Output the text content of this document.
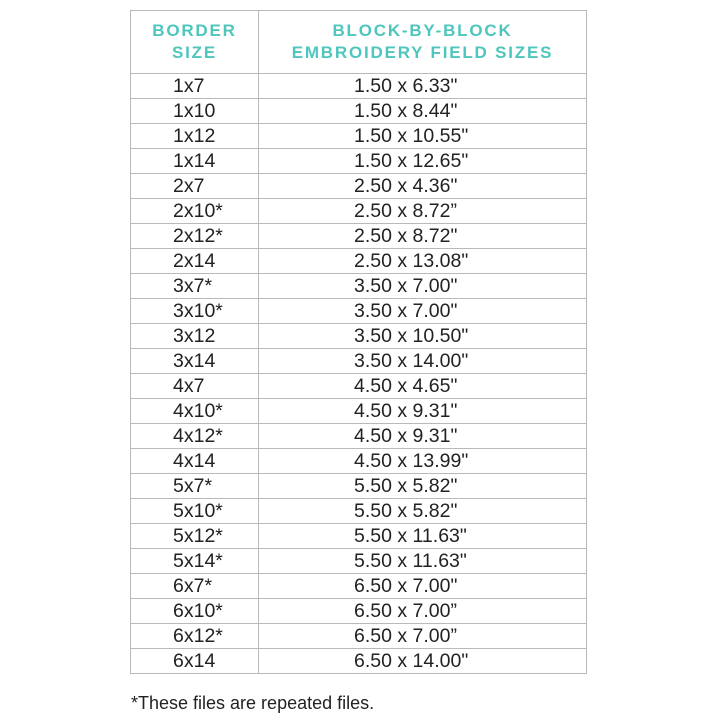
BORDER
SIZE	BLOCK-BY-BLOCK
EMBROIDERY FIELD SIZES

1x7	1.50 x 6.33"
1x10	1.50 x 8.44"
1x12	1.50 x 10.55"
1x14	1.50 x 12.65"
2x7	2.50 x 4.36"
2x10*	2.50 x 8.72”
2x12*	2.50 x 8.72"
2x14	2.50 x 13.08"
3x7*	3.50 x 7.00"
3x10*	3.50 x 7.00"
3x12	3.50 x 10.50"
3x14	3.50 x 14.00"
4x7	4.50 x 4.65"
4x10*	4.50 x 9.31"
4x12*	4.50 x 9.31"
4x14	4.50 x 13.99"
5x7*	5.50 x 5.82"
5x10*	5.50 x 5.82"
5x12*	5.50 x 11.63"
5x14*	5.50 x 11.63"
6x7*	6.50 x 7.00"
6x10*	6.50 x 7.00”
6x12*	6.50 x 7.00”
6x14	6.50 x 14.00"
*These files are repeated files.
